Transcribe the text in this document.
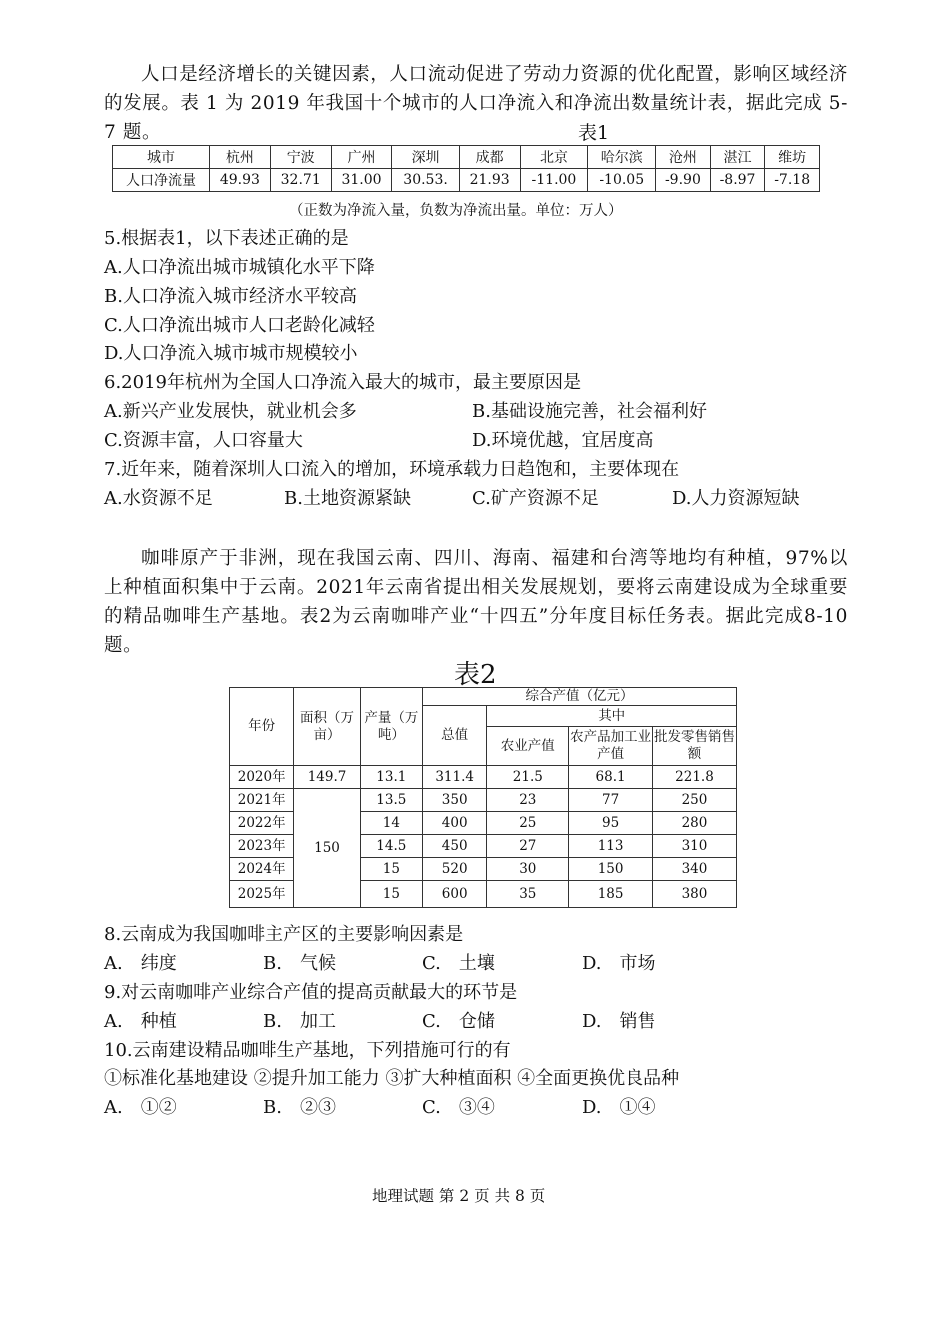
人口是经济增长的关键因素，人口流动促进了劳动力资源的优化配置，影响区域经济的发展。表 1 为 2019 年我国十个城市的人口净流入和净流出数量统计表，据此完成 5-7 题。	表1
城市	杭州	宁波	广州	深圳	成都	北京	哈尔滨	沧州	湛江	维坊
人口净流量	49.93	32.71	31.00	30.53.	21.93	-11.00	-10.05	-9.90	-8.97	-7.18
（正数为净流入量，负数为净流出量。单位：万人）
5.根据表1，以下表述正确的是
A.人口净流出城市城镇化水平下降
B.人口净流入城市经济水平较高
C.人口净流出城市人口老龄化减轻
D.人口净流入城市城市规模较小
6.2019年杭州为全国人口净流入最大的城市，最主要原因是
A.新兴产业发展快，就业机会多	B.基础设施完善，社会福利好
C.资源丰富，人口容量大	D.环境优越，宜居度高
7.近年来，随着深圳人口流入的增加，环境承载力日趋饱和，主要体现在
A.水资源不足	B.土地资源紧缺	C.矿产资源不足	D.人力资源短缺

咖啡原产于非洲，现在我国云南、四川、海南、福建和台湾等地均有种植，97%以上种植面积集中于云南。2021年云南省提出相关发展规划，要将云南建设成为全球重要的精品咖啡生产基地。表2为云南咖啡产业“十四五”分年度目标任务表。据此完成8-10题。

表2
年份	面积（万亩）	产量（万吨）	综合产值（亿元）			
			总值	其中		
				农业产值	农产品加工业产值	批发零售销售额
2020年	149.7	13.1	311.4	21.5	68.1	221.8
2021年	150	13.5	350	23	77	250
2022年		14	400	25	95	280
2023年		14.5	450	27	113	310
2024年		15	520	30	150	340
2025年		15	600	35	185	380
8.云南成为我国咖啡主产区的主要影响因素是
A.　纬度	B.　气候	C.　土壤	D.　市场
9.对云南咖啡产业综合产值的提高贡献最大的环节是
A.　种植	B.　加工	C.　仓储	D.　销售
10.云南建设精品咖啡生产基地，下列措施可行的有
①标准化基地建设 ②提升加工能力 ③扩大种植面积 ④全面更换优良品种
A.　①②	B.　②③	C.　③④	D.　①④
地理试题 第 2 页 共 8 页
